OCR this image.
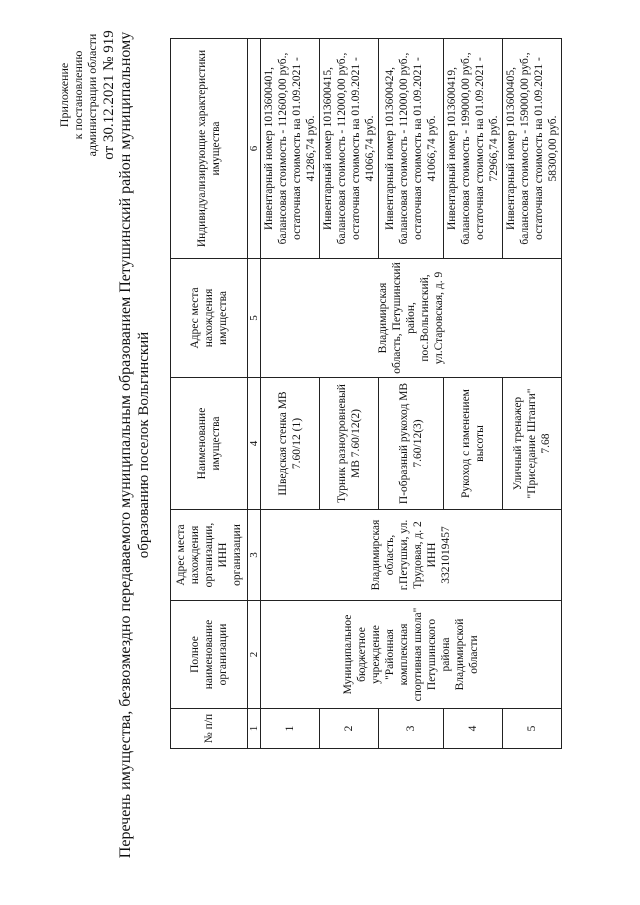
Приложение к постановлению администрации области от 30.12.2021 № 919 Перечень имущества, безвозмездно передаваемого муниципальным образованием Петушинский район муниципальному образованию поселок Вольгинский
№ п/п	Полное наименование организации	Адрес места нахождения организации, ИНН организации	Наименование имущества	Адрес места нахождения имущества	Индивидуализирующие характеристики имущества
1	2	3	4	5	6
1	Муниципальное бюджетное учреждение "Районная комплексная спортивная школа" Петушинского района Владимирской области	Владимирская область, г.Петушки, ул. Трудовая, д. 2 ИНН 3321019457	Шведская стенка МВ 7.60/12 (1)	Владимирская область, Петушинский район, пос.Вольгинский, ул.Старовская, д. 9	Инвентарный номер 1013600401, балансовая стоимость - 112600,00 руб., остаточная стоимость на 01.09.2021 - 41286,74 руб.
2			Турник разноуровневый МВ 7.60/12(2)		Инвентарный номер 1013600415, балансовая стоимость - 112000,00 руб., остаточная стоимость на 01.09.2021 - 41066,74 руб.
3			П-образный рукоход МВ 7.60/12(3)		Инвентарный номер 1013600424, балансовая стоимость - 112000,00 руб., остаточная стоимость на 01.09.2021 - 41066,74 руб.
4			Рукоход с изменением высоты		Инвентарный номер 1013600419, балансовая стоимость - 199000,00 руб., остаточная стоимость на 01.09.2021 - 72966,74 руб.
5			Уличный тренажер "Приседание Штанги" 7.68		Инвентарный номер 1013600405, балансовая стоимость - 159000,00 руб., остаточная стоимость на 01.09.2021 - 58300,00 руб.
